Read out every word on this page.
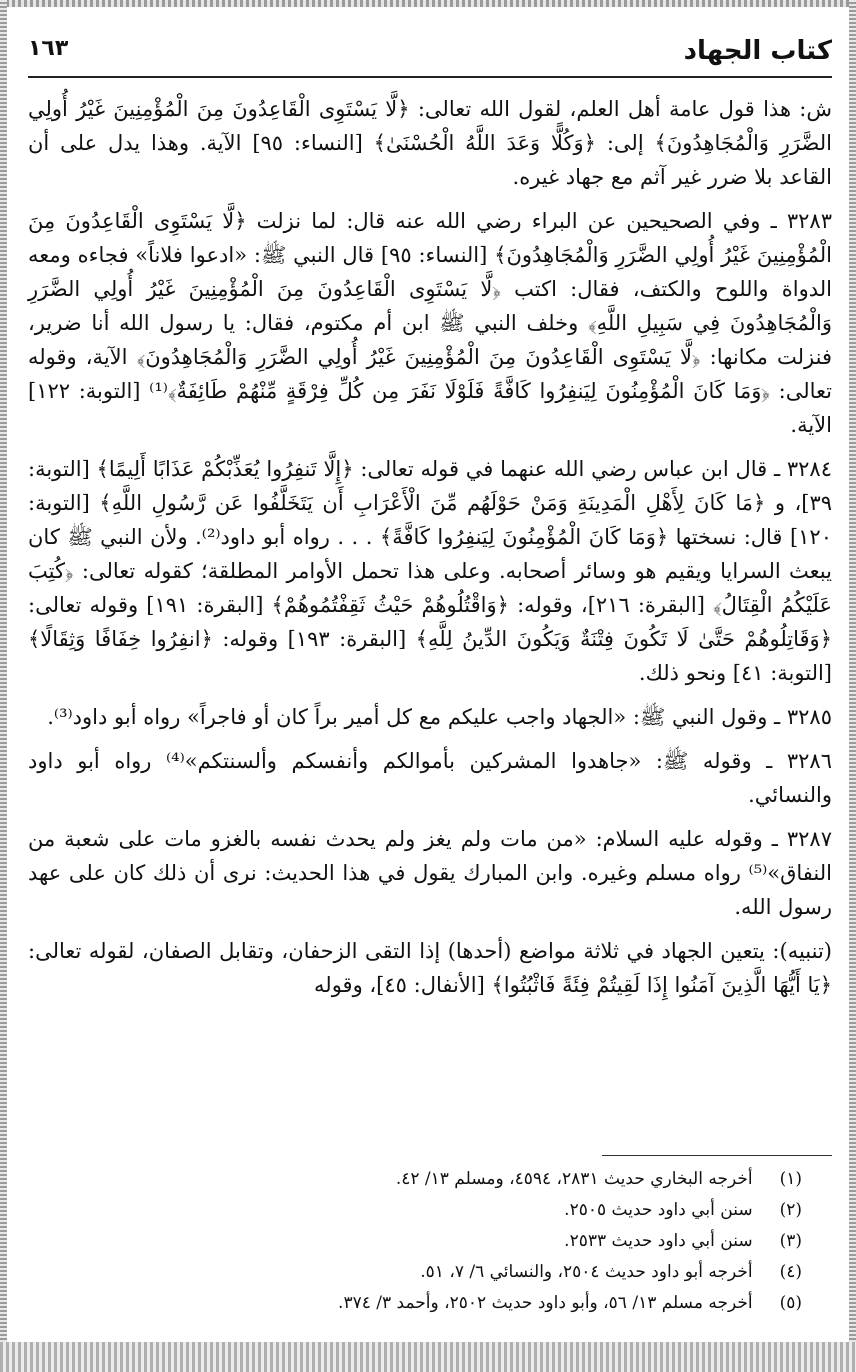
كتاب الجهاد
١٦٣

ش: هذا قول عامة أهل العلم، لقول الله تعالى: ﴿لَّا يَسْتَوِى الْقَاعِدُونَ مِنَ الْمُؤْمِنِينَ غَيْرُ أُولِي الضَّرَرِ وَالْمُجَاهِدُونَ﴾ إلى: ﴿وَكُلًّا وَعَدَ اللَّهُ الْحُسْنَىٰ﴾ [النساء: ٩٥] الآية. وهذا يدل على أن القاعد بلا ضرر غير آثم مع جهاد غيره.

٣٢٨٣ ـ وفي الصحيحين عن البراء رضي الله عنه قال: لما نزلت ﴿لَّا يَسْتَوِى الْقَاعِدُونَ مِنَ الْمُؤْمِنِينَ غَيْرُ أُولِي الضَّرَرِ وَالْمُجَاهِدُونَ﴾ [النساء: ٩٥] قال النبي ﷺ: «ادعوا فلاناً» فجاءه ومعه الدواة واللوح والكتف، فقال: اكتب ﴿لَّا يَسْتَوِى الْقَاعِدُونَ مِنَ الْمُؤْمِنِينَ غَيْرُ أُولِي الضَّرَرِ وَالْمُجَاهِدُونَ فِي سَبِيلِ اللَّهِ﴾ وخلف النبي ﷺ ابن أم مكتوم، فقال: يا رسول الله أنا ضرير، فنزلت مكانها: ﴿لَّا يَسْتَوِى الْقَاعِدُونَ مِنَ الْمُؤْمِنِينَ غَيْرُ أُولِي الضَّرَرِ وَالْمُجَاهِدُونَ﴾ الآية، وقوله تعالى: ﴿وَمَا كَانَ الْمُؤْمِنُونَ لِيَنفِرُوا كَافَّةً فَلَوْلَا نَفَرَ مِن كُلِّ فِرْقَةٍ مِّنْهُمْ طَائِفَةٌ﴾⁽¹⁾ [التوبة: ١٢٢] الآية.

٣٢٨٤ ـ قال ابن عباس رضي الله عنهما في قوله تعالى: ﴿إِلَّا تَنفِرُوا يُعَذِّبْكُمْ عَذَابًا أَلِيمًا﴾ [التوبة: ٣٩]، و ﴿مَا كَانَ لِأَهْلِ الْمَدِينَةِ وَمَنْ حَوْلَهُم مِّنَ الْأَعْرَابِ أَن يَتَخَلَّفُوا عَن رَّسُولِ اللَّهِ﴾ [التوبة: ١٢٠] قال: نسختها ﴿وَمَا كَانَ الْمُؤْمِنُونَ لِيَنفِرُوا كَافَّةً﴾ . . . رواه أبو داود⁽²⁾. ولأن النبي ﷺ كان يبعث السرايا ويقيم هو وسائر أصحابه. وعلى هذا تحمل الأوامر المطلقة؛ كقوله تعالى: ﴿كُتِبَ عَلَيْكُمُ الْقِتَالُ﴾ [البقرة: ٢١٦]، وقوله: ﴿وَاقْتُلُوهُمْ حَيْثُ ثَقِفْتُمُوهُمْ﴾ [البقرة: ١٩١] وقوله تعالى: ﴿وَقَاتِلُوهُمْ حَتَّىٰ لَا تَكُونَ فِتْنَةٌ وَيَكُونَ الدِّينُ لِلَّهِ﴾ [البقرة: ١٩٣] وقوله: ﴿انفِرُوا خِفَافًا وَثِقَالًا﴾ [التوبة: ٤١] ونحو ذلك.

٣٢٨٥ ـ وقول النبي ﷺ: «الجهاد واجب عليكم مع كل أمير براً كان أو فاجراً» رواه أبو داود⁽³⁾.

٣٢٨٦ ـ وقوله ﷺ: «جاهدوا المشركين بأموالكم وأنفسكم وألسنتكم»⁽⁴⁾ رواه أبو داود والنسائي.

٣٢٨٧ ـ وقوله عليه السلام: «من مات ولم يغز ولم يحدث نفسه بالغزو مات على شعبة من النفاق»⁽⁵⁾ رواه مسلم وغيره. وابن المبارك يقول في هذا الحديث: نرى أن ذلك كان على عهد رسول الله.

(تنبيه): يتعين الجهاد في ثلاثة مواضع (أحدها) إذا التقى الزحفان، وتقابل الصفان، لقوله تعالى: ﴿يَا أَيُّهَا الَّذِينَ آمَنُوا إِذَا لَقِيتُمْ فِئَةً فَاثْبُتُوا﴾ [الأنفال: ٤٥]، وقوله

(١) أخرجه البخاري حديث ٢٨٣١، ٤٥٩٤، ومسلم ١٣/ ٤٢.
(٢) سنن أبي داود حديث ٢٥٠٥.
(٣) سنن أبي داود حديث ٢٥٣٣.
(٤) أخرجه أبو داود حديث ٢٥٠٤، والنسائي ٦/ ٧، ٥١.
(٥) أخرجه مسلم ١٣/ ٥٦، وأبو داود حديث ٢٥٠٢، وأحمد ٣/ ٣٧٤.
